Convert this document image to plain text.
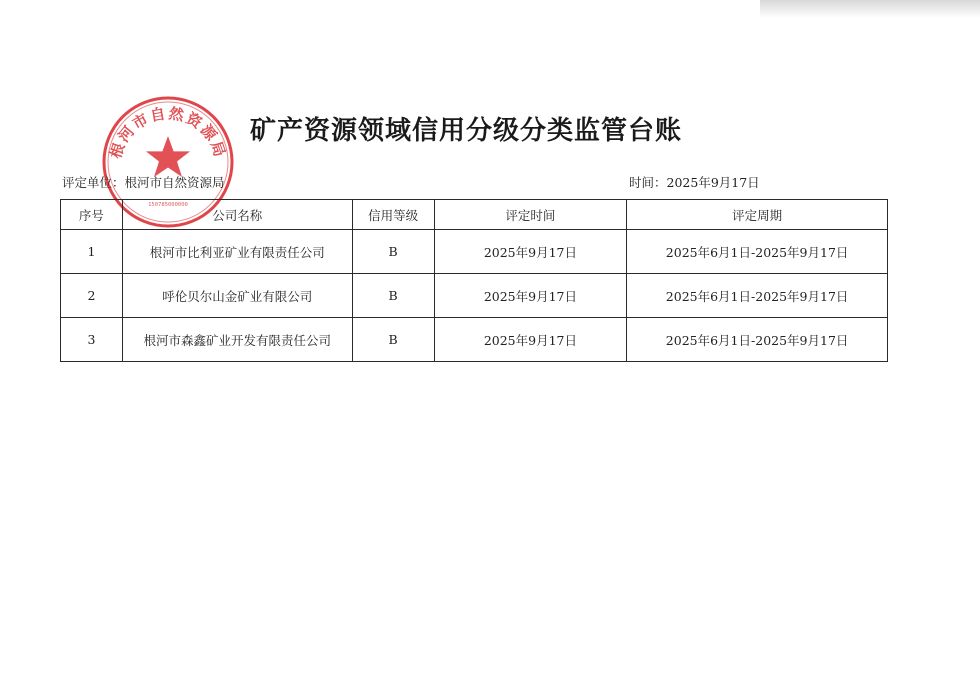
根河市自然资源局
150785000000
矿产资源领域信用分级分类监管台账
评定单位：根河市自然资源局	时间：2025年9月17日
序号	公司名称	信用等级	评定时间	评定周期
1	根河市比利亚矿业有限责任公司	B	2025年9月17日	2025年6月1日-2025年9月17日
2	呼伦贝尔山金矿业有限公司	B	2025年9月17日	2025年6月1日-2025年9月17日
3	根河市森鑫矿业开发有限责任公司	B	2025年9月17日	2025年6月1日-2025年9月17日
